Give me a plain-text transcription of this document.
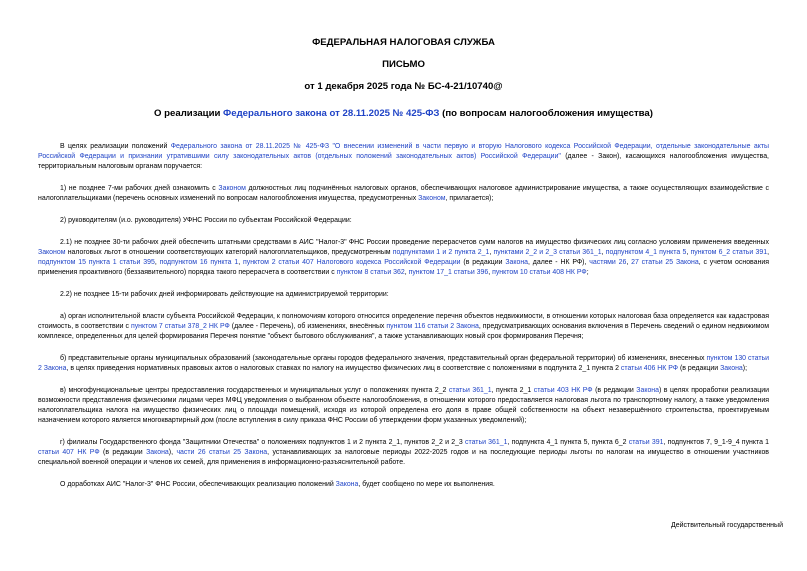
ФЕДЕРАЛЬНАЯ НАЛОГОВАЯ СЛУЖБА
ПИСЬМО
от 1 декабря 2025 года № БС-4-21/10740@
О реализации Федерального закона от 28.11.2025 № 425-ФЗ (по вопросам налогообложения имущества)

В целях реализации положений Федерального закона от 28.11.2025 № 425-ФЗ "О внесении изменений в части первую и вторую Налогового кодекса Российской Федерации, отдельные законодательные акты Российской Федерации и признании утратившими силу законодательных актов (отдельных положений законодательных актов) Российской Федерации" (далее - Закон), касающихся налогообложения имущества, территориальным налоговым органам поручается:

1) не позднее 7-ми рабочих дней ознакомить с Законом должностных лиц подчинённых налоговых органов, обеспечивающих налоговое администрирование имущества, а также осуществляющих взаимодействие с налогоплательщиками (перечень основных изменений по вопросам налогообложения имущества, предусмотренных Законом, прилагается);

2) руководителям (и.о. руководителя) УФНС России по субъектам Российской Федерации:

2.1) не позднее 30-ти рабочих дней обеспечить штатными средствами в АИС "Налог-3" ФНС России проведение перерасчетов сумм налогов на имущество физических лиц согласно условиям применения введенных Законом налоговых льгот в отношении соответствующих категорий налогоплательщиков, предусмотренным подпунктами 1 и 2 пункта 2_1, пунктами 2_2 и 2_3 статьи 361_1, подпунктом 4_1 пункта 5, пунктом 6_2 статьи 391, подпунктом 15 пункта 1 статьи 395, подпунктом 16 пункта 1, пунктом 2 статьи 407 Налогового кодекса Российской Федерации (в редакции Закона, далее - НК РФ), частями 26, 27 статьи 25 Закона, с учетом основания применения проактивного (беззаявительного) порядка такого перерасчета в соответствии с пунктом 8 статьи 362, пунктом 17_1 статьи 396, пунктом 10 статьи 408 НК РФ;

2.2) не позднее 15-ти рабочих дней информировать действующие на администрируемой территории:

а) орган исполнительной власти субъекта Российской Федерации, к полномочиям которого относится определение перечня объектов недвижимости, в отношении которых налоговая база определяется как кадастровая стоимость, в соответствии с пунктом 7 статьи 378_2 НК РФ (далее - Перечень), об изменениях, внесённых пунктом 116 статьи 2 Закона, предусматривающих основания включения в Перечень сведений о едином недвижимом комплексе, определенных для целей формирования Перечня понятие "объект бытового обслуживания", а также устанавливающих новый срок формирования Перечня;

б) представительные органы муниципальных образований (законодательные органы городов федерального значения, представительный орган федеральной территории) об изменениях, внесенных пунктом 130 статьи 2 Закона, в целях приведения нормативных правовых актов о налоговых ставках по налогу на имущество физических лиц в соответствие с положениями в подпункта 2_1 пункта 2 статьи 406 НК РФ (в редакции Закона);

в) многофункциональные центры предоставления государственных и муниципальных услуг о положениях пункта 2_2 статьи 361_1, пункта 2_1 статьи 403 НК РФ (в редакции Закона) в целях проработки реализации возможности представления физическими лицами через МФЦ уведомления о выбранном объекте налогообложения, в отношении которого предоставляется налоговая льгота по транспортному налогу, а также уведомления налогоплательщика налога на имущество физических лиц о площади помещений, исходя из которой определена его доля в праве общей собственности на объект незавершённого строительства, проектируемым назначением которого является многоквартирный дом (после вступления в силу приказа ФНС России об утверждении форм указанных уведомлений);

г) филиалы Государственного фонда "Защитники Отечества" о положениях подпунктов 1 и 2 пункта 2_1, пунктов 2_2 и 2_3 статьи 361_1, подпункта 4_1 пункта 5, пункта 6_2 статьи 391, подпунктов 7, 9_1-9_4 пункта 1 статьи 407 НК РФ (в редакции Закона), части 26 статьи 25 Закона, устанавливающих за налоговые периоды 2022-2025 годов и на последующие периоды льготы по налогам на имущество в отношении участников специальной военной операции и членов их семей, для применения в информационно-разъяснительной работе.

О доработках АИС "Налог-3" ФНС России, обеспечивающих реализацию положений Закона, будет сообщено по мере их выполнения.

Действительный государственный
